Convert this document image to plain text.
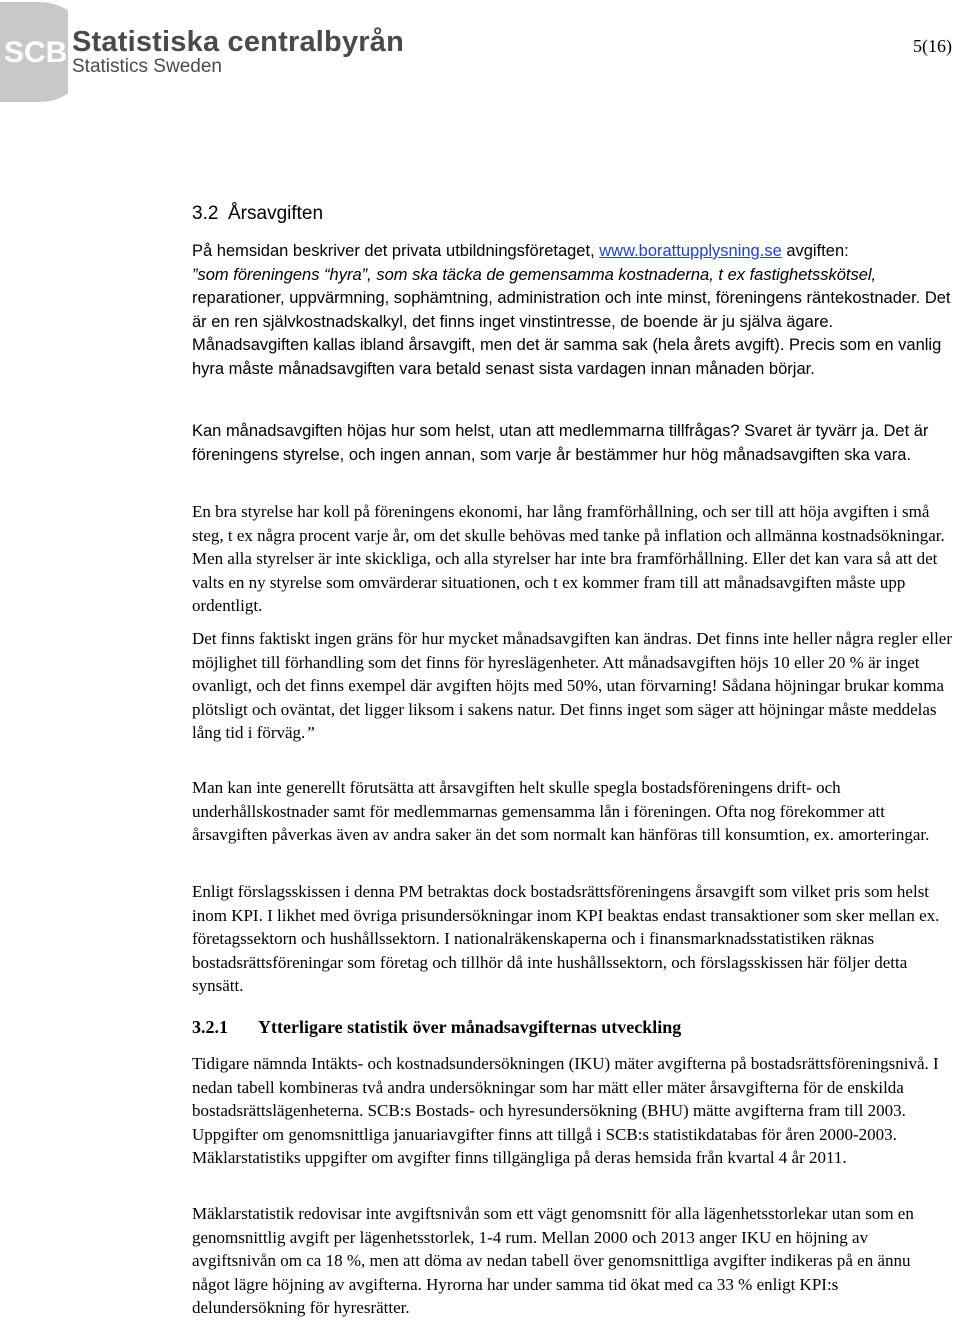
SCB Statistiska centralbyrån
Statistics Sweden
5(16)
3.2 Årsavgiften

På hemsidan beskriver det privata utbildningsföretaget, www.borattupplysning.se avgiften:
”som föreningens “hyra”, som ska täcka de gemensamma kostnaderna, t ex fastighetsskötsel, reparationer, uppvärmning, sophämtning, administration och inte minst, föreningens räntekostnader. Det är en ren självkostnadskalkyl, det finns inget vinstintresse, de boende är ju själva ägare. Månadsavgiften kallas ibland årsavgift, men det är samma sak (hela årets avgift). Precis som en vanlig hyra måste månadsavgiften vara betald senast sista vardagen innan månaden börjar.

Kan månadsavgiften höjas hur som helst, utan att medlemmarna tillfrågas? Svaret är tyvärr ja. Det är föreningens styrelse, och ingen annan, som varje år bestämmer hur hög månadsavgiften ska vara.

En bra styrelse har koll på föreningens ekonomi, har lång framförhållning, och ser till att höja avgiften i små steg, t ex några procent varje år, om det skulle behövas med tanke på inflation och allmänna kostnadsökningar. Men alla styrelser är inte skickliga, och alla styrelser har inte bra framförhållning. Eller det kan vara så att det valts en ny styrelse som omvärderar situationen, och t ex kommer fram till att månadsavgiften måste upp ordentligt.

Det finns faktiskt ingen gräns för hur mycket månadsavgiften kan ändras. Det finns inte heller några regler eller möjlighet till förhandling som det finns för hyreslägenheter. Att månadsavgiften höjs 10 eller 20 % är inget ovanligt, och det finns exempel där avgiften höjts med 50%, utan förvarning! Sådana höjningar brukar komma plötsligt och oväntat, det ligger liksom i sakens natur. Det finns inget som säger att höjningar måste meddelas lång tid i förväg.”

Man kan inte generellt förutsätta att årsavgiften helt skulle spegla bostadsföreningens drift- och underhållskostnader samt för medlemmarnas gemensamma lån i föreningen. Ofta nog förekommer att årsavgiften påverkas även av andra saker än det som normalt kan hänföras till konsumtion, ex. amorteringar.

Enligt förslagsskissen i denna PM betraktas dock bostadsrättsföreningens årsavgift som vilket pris som helst inom KPI. I likhet med övriga prisundersökningar inom KPI beaktas endast transaktioner som sker mellan ex. företagssektorn och hushållssektorn. I nationalräkenskaperna och i finansmarknadsstatistiken räknas bostadsrättsföreningar som företag och tillhör då inte hushållssektorn, och förslagsskissen här följer detta synsätt.

3.2.1 Ytterligare statistik över månadsavgifternas utveckling

Tidigare nämnda Intäkts- och kostnadsundersökningen (IKU) mäter avgifterna på bostadsrättsföreningsnivå. I nedan tabell kombineras två andra undersökningar som har mätt eller mäter årsavgifterna för de enskilda bostadsrättslägenheterna. SCB:s Bostads- och hyresundersökning (BHU) mätte avgifterna fram till 2003. Uppgifter om genomsnittliga januariavgifter finns att tillgå i SCB:s statistikdatabas för åren 2000-2003. Mäklarstatistiks uppgifter om avgifter finns tillgängliga på deras hemsida från kvartal 4 år 2011.

Mäklarstatistik redovisar inte avgiftsnivån som ett vägt genomsnitt för alla lägenhetsstorlekar utan som en genomsnittlig avgift per lägenhetsstorlek, 1-4 rum. Mellan 2000 och 2013 anger IKU en höjning av avgiftsnivån om ca 18 %, men att döma av nedan tabell över genomsnittliga avgifter indikeras på en ännu något lägre höjning av avgifterna. Hyrorna har under samma tid ökat med ca 33 % enligt KPI:s delundersökning för hyresrätter.
